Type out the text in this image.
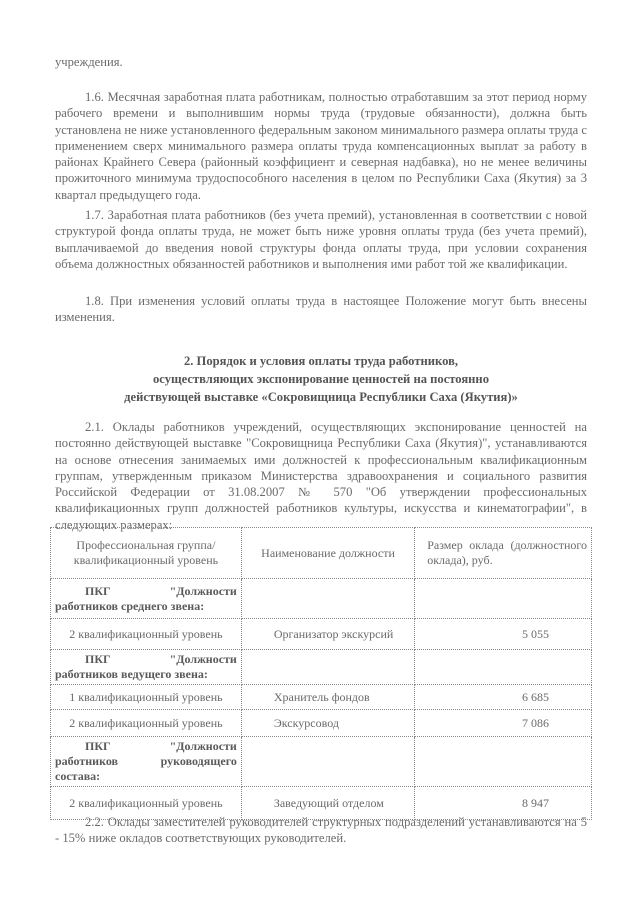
учреждения.

1.6. Месячная заработная плата работникам, полностью отработавшим за этот период норму рабочего времени и выполнившим нормы труда (трудовые обязанности), должна быть установлена не ниже установленного федеральным законом минимального размера оплаты труда с применением сверх минимального размера оплаты труда компенсационных выплат за работу в районах Крайнего Севера (районный коэффициент и северная надбавка), но не менее величины прожиточного минимума трудоспособного населения в целом по Республики Саха (Якутия) за 3 квартал предыдущего года.

1.7. Заработная плата работников (без учета премий), установленная в соответствии с новой структурой фонда оплаты труда, не может быть ниже уровня оплаты труда (без учета премий), выплачиваемой до введения новой структуры фонда оплаты труда, при условии сохранения объема должностных обязанностей работников и выполнения ими работ той же квалификации.

1.8. При изменения условий оплаты труда в настоящее Положение могут быть внесены изменения.

2. Порядок и условия оплаты труда работников,
осуществляющих экспонирование ценностей на постоянно
действующей выставке «Сокровищница Республики Саха (Якутия)»

2.1. Оклады работников учреждений, осуществляющих экспонирование ценностей на постоянно действующей выставке "Сокровищница Республики Саха (Якутия)", устанавливаются на основе отнесения занимаемых ими должностей к профессиональным квалификационным группам, утвержденным приказом Министерства здравоохранения и социального развития Российской Федерации от 31.08.2007 № 570 "Об утверждении профессиональных квалификационных групп должностей работников культуры, искусства и кинематографии", в следующих размерах:

Профессиональная группа/ квалификационный уровень	Наименование должности	Размер оклада (должностного оклада), руб.
ПКГ "Должности работников среднего звена:		
2 квалификационный уровень	Организатор экскурсий	5 055
ПКГ "Должности работников ведущего звена:		
1 квалификационный уровень	Хранитель фондов	6 685
2 квалификационный уровень	Экскурсовод	7 086
ПКГ "Должности работников руководящего состава:		
2 квалификационный уровень	Заведующий отделом	8 947

2.2. Оклады заместителей руководителей структурных подразделений устанавливаются на 5 - 15% ниже окладов соответствующих руководителей.
